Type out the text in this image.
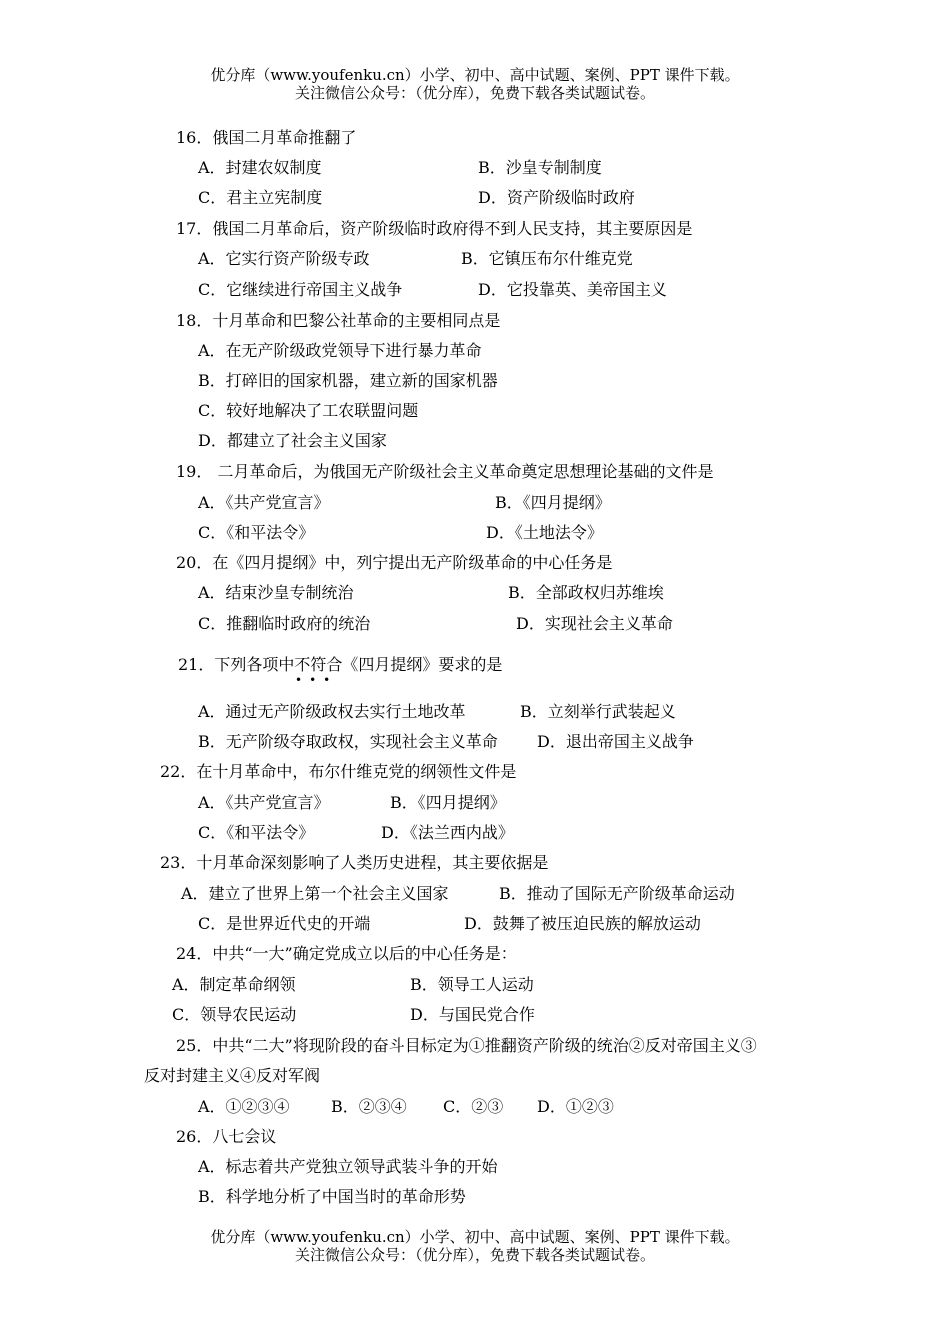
优分库（www.youfenku.cn）小学、初中、高中试题、案例、PPT 课件下载。
关注微信公众号：（优分库），免费下载各类试题试卷。
16．俄国二月革命推翻了
A．封建农奴制度	B．沙皇专制制度
C．君主立宪制度	D．资产阶级临时政府
17．俄国二月革命后，资产阶级临时政府得不到人民支持，其主要原因是
A．它实行资产阶级专政	B．它镇压布尔什维克党
C．它继续进行帝国主义战争	D．它投靠英、美帝国主义
18．十月革命和巴黎公社革命的主要相同点是
A．在无产阶级政党领导下进行暴力革命
B．打碎旧的国家机器，建立新的国家机器
C．较好地解决了工农联盟问题
D．都建立了社会主义国家
19． 二月革命后，为俄国无产阶级社会主义革命奠定思想理论基础的文件是
A．《共产党宣言》	B．《四月提纲》
C．《和平法令》	D．《土地法令》
20．在《四月提纲》中，列宁提出无产阶级革命的中心任务是
A．结束沙皇专制统治	B．全部政权归苏维埃
C．推翻临时政府的统治	D．实现社会主义革命
21．下列各项中不符合《四月提纲》要求的是
•••
A．通过无产阶级政权去实行土地改革	B．立刻举行武装起义
B．无产阶级夺取政权，实现社会主义革命 D．退出帝国主义战争
22．在十月革命中，布尔什维克党的纲领性文件是
A．《共产党宣言》	B．《四月提纲》
C．《和平法令》	D．《法兰西内战》
23．十月革命深刻影响了人类历史进程，其主要依据是
A．建立了世界上第一个社会主义国家	B．推动了国际无产阶级革命运动
C．是世界近代史的开端	D．鼓舞了被压迫民族的解放运动
24．中共“一大”确定党成立以后的中心任务是：
A．制定革命纲领	B．领导工人运动
C．领导农民运动	D．与国民党合作
25．中共“二大”将现阶段的奋斗目标定为①推翻资产阶级的统治②反对帝国主义③
反对封建主义④反对军阀
A．①②③④	B．②③④ C．②③ D．①②③
26．八七会议
A．标志着共产党独立领导武装斗争的开始
B．科学地分析了中国当时的革命形势
优分库（www.youfenku.cn）小学、初中、高中试题、案例、PPT 课件下载。
关注微信公众号：（优分库），免费下载各类试题试卷。
